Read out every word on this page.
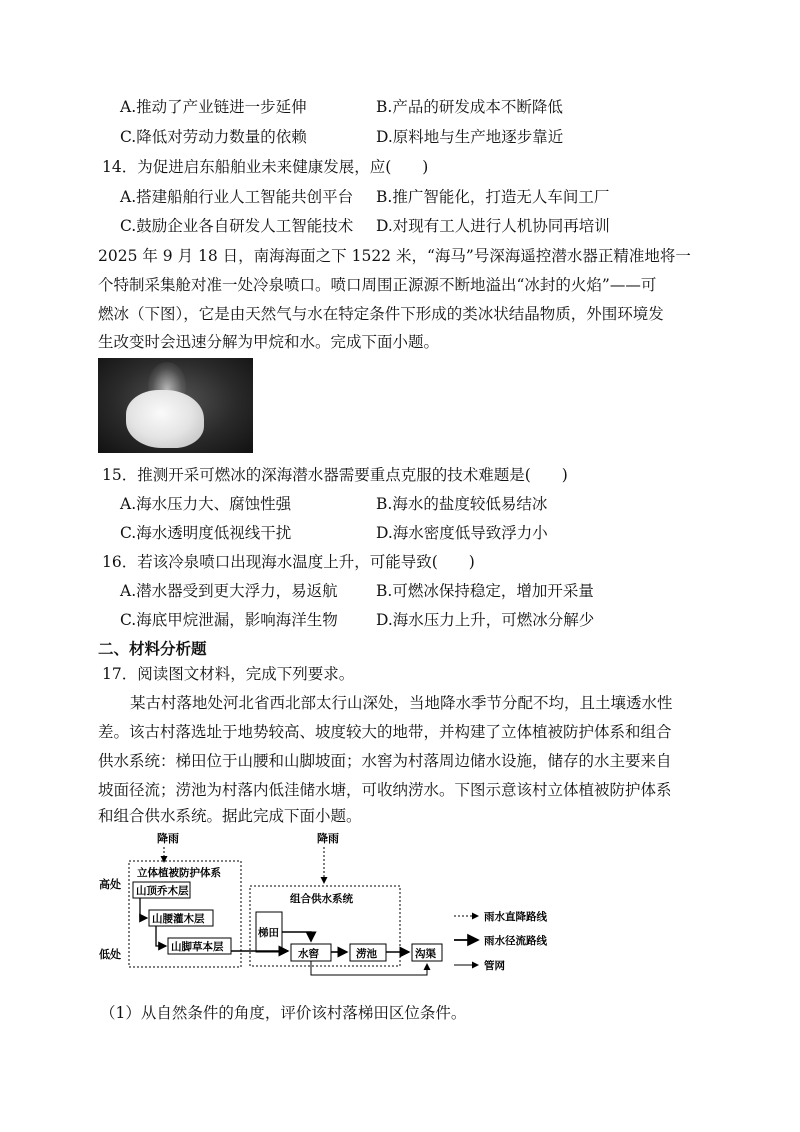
A.推动了产业链进一步延伸	B.产品的研发成本不断降低
C.降低对劳动力数量的依赖	D.原料地与生产地逐步靠近
14．为促进启东船舶业未来健康发展，应(　　)
A.搭建船舶行业人工智能共创平台 B.推广智能化，打造无人车间工厂
C.鼓励企业各自研发人工智能技术 D.对现有工人进行人机协同再培训
2025 年 9 月 18 日，南海海面之下 1522 米，“海马”号深海遥控潜水器正精准地将一
个特制采集舱对准一处冷泉喷口。喷口周围正源源不断地溢出“冰封的火焰”——可
燃冰（下图），它是由天然气与水在特定条件下形成的类冰状结晶物质，外围环境发
生改变时会迅速分解为甲烷和水。完成下面小题。
15．推测开采可燃冰的深海潜水器需要重点克服的技术难题是(　　)
A.海水压力大、腐蚀性强	B.海水的盐度较低易结冰
C.海水透明度低视线干扰	D.海水密度低导致浮力小
16．若该冷泉喷口出现海水温度上升，可能导致(　　)
A.潜水器受到更大浮力，易返航 B.可燃冰保持稳定，增加开采量
C.海底甲烷泄漏，影响海洋生物 D.海水压力上升，可燃冰分解少
二、材料分析题
17．阅读图文材料，完成下列要求。
某古村落地处河北省西北部太行山深处，当地降水季节分配不均，且土壤透水性
差。该古村落选址于地势较高、坡度较大的地带，并构建了立体植被防护体系和组合
供水系统：梯田位于山腰和山脚坡面；水窖为村落周边储水设施，储存的水主要来自
坡面径流；涝池为村落内低洼储水塘，可收纳涝水。下图示意该村立体植被防护体系
和组合供水系统。据此完成下面小题。
降雨	降雨
高处
低处
立体植被防护体系
山顶乔木层
山腰灌木层
山脚草本层
组合供水系统
梯田
水窖	涝池	沟渠
雨水直降路线
雨水径流路线
管网
（1）从自然条件的角度，评价该村落梯田区位条件。
